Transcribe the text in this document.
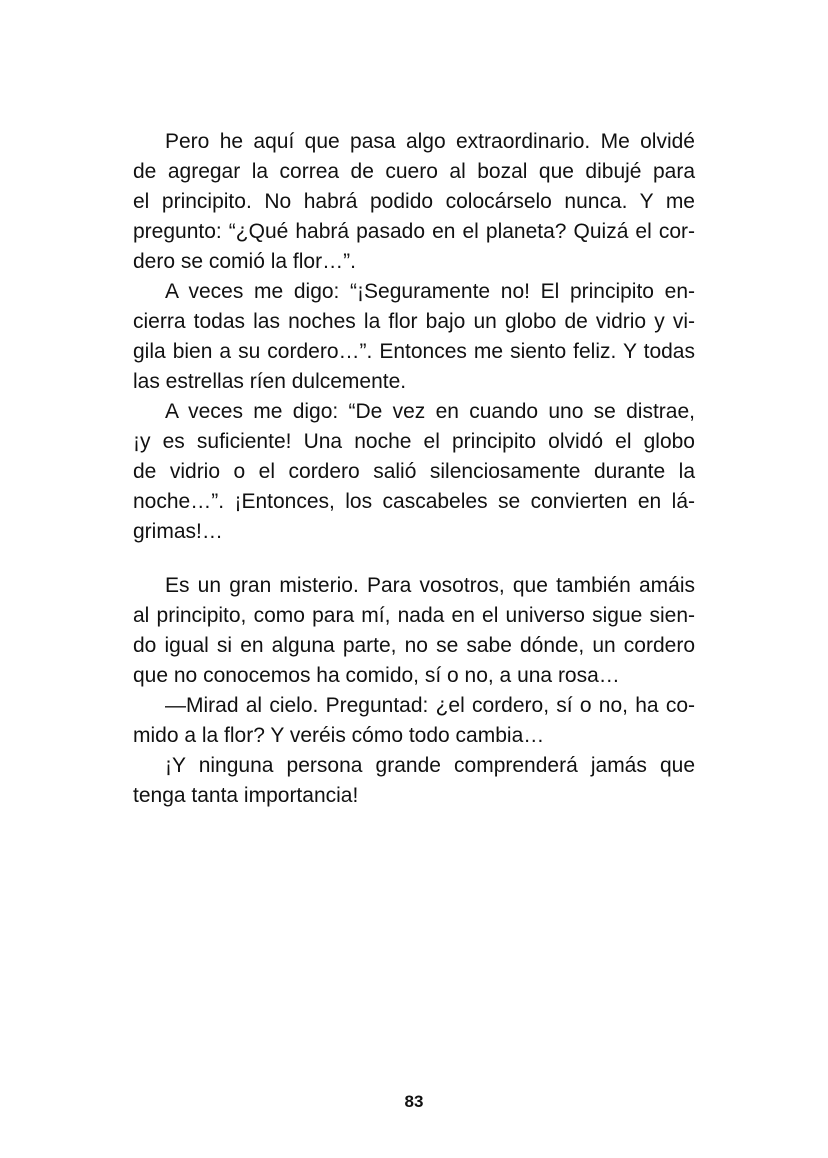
Pero he aquí que pasa algo extraordinario. Me olvidé
de agregar la correa de cuero al bozal que dibujé para
el principito. No habrá podido colocárselo nunca. Y me
pregunto: “¿Qué habrá pasado en el planeta? Quizá el cor-
dero se comió la flor…”.
A veces me digo: “¡Seguramente no! El principito en-
cierra todas las noches la flor bajo un globo de vidrio y vi-
gila bien a su cordero…”. Entonces me siento feliz. Y todas
las estrellas ríen dulcemente.
A veces me digo: “De vez en cuando uno se distrae,
¡y es suficiente! Una noche el principito olvidó el globo
de vidrio o el cordero salió silenciosamente durante la
noche…”. ¡Entonces, los cascabeles se convierten en lá-
grimas!…
Es un gran misterio. Para vosotros, que también amáis
al principito, como para mí, nada en el universo sigue sien-
do igual si en alguna parte, no se sabe dónde, un cordero
que no conocemos ha comido, sí o no, a una rosa…
—Mirad al cielo. Preguntad: ¿el cordero, sí o no, ha co-
mido a la flor? Y veréis cómo todo cambia…
¡Y ninguna persona grande comprenderá jamás que
tenga tanta importancia!
83
